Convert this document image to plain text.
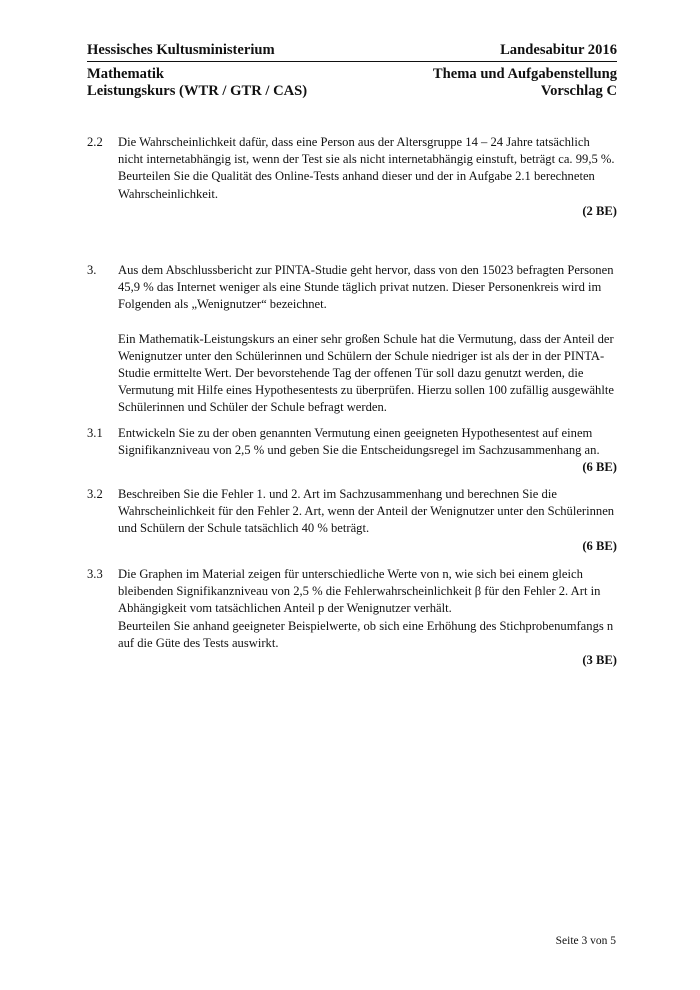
Hessisches Kultusministerium	Landesabitur 2016
Mathematik	Thema und Aufgabenstellung
Leistungskurs (WTR / GTR / CAS)	Vorschlag C
2.2	Die Wahrscheinlichkeit dafür, dass eine Person aus der Altersgruppe 14 – 24 Jahre tatsächlich nicht internetabhängig ist, wenn der Test sie als nicht internetabhängig einstuft, beträgt ca. 99,5 %.

Beurteilen Sie die Qualität des Online-Tests anhand dieser und der in Aufgabe 2.1 berechneten Wahrscheinlichkeit.

(2 BE)

3.	Aus dem Abschlussbericht zur PINTA-Studie geht hervor, dass von den 15023 befragten Personen 45,9 % das Internet weniger als eine Stunde täglich privat nutzen. Dieser Personenkreis wird im Folgenden als „Wenignutzer“ bezeichnet.

Ein Mathematik-Leistungskurs an einer sehr großen Schule hat die Vermutung, dass der Anteil der Wenignutzer unter den Schülerinnen und Schülern der Schule niedriger ist als der in der PINTA-Studie ermittelte Wert. Der bevorstehende Tag der offenen Tür soll dazu genutzt werden, die Vermutung mit Hilfe eines Hypothesentests zu überprüfen. Hierzu sollen 100 zufällig ausgewählte Schülerinnen und Schüler der Schule befragt werden.

3.1	Entwickeln Sie zu der oben genannten Vermutung einen geeigneten Hypothesentest auf einem Signifikanzniveau von 2,5 % und geben Sie die Entscheidungsregel im Sachzusammenhang an.

(6 BE)

3.2	Beschreiben Sie die Fehler 1. und 2. Art im Sachzusammenhang und berechnen Sie die Wahrscheinlichkeit für den Fehler 2. Art, wenn der Anteil der Wenignutzer unter den Schülerinnen und Schülern der Schule tatsächlich 40 % beträgt.

(6 BE)

3.3	Die Graphen im Material zeigen für unterschiedliche Werte von n, wie sich bei einem gleich bleibenden Signifikanzniveau von 2,5 % die Fehlerwahrscheinlichkeit β für den Fehler 2. Art in Abhängigkeit vom tatsächlichen Anteil p der Wenignutzer verhält.

Beurteilen Sie anhand geeigneter Beispielwerte, ob sich eine Erhöhung des Stichprobenumfangs n auf die Güte des Tests auswirkt.

(3 BE)

Seite 3 von 5
